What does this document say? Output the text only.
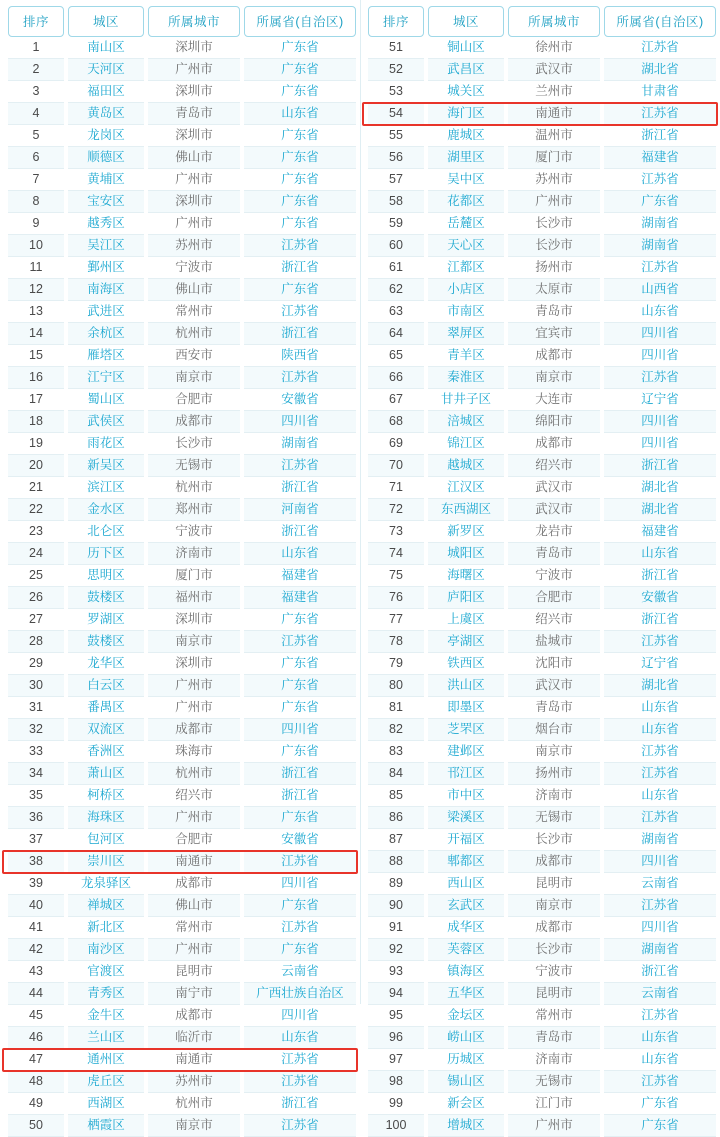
排序		城区		所属城市		所属省(自治区)
1		南山区		深圳市		广东省
2		天河区		广州市		广东省
3		福田区		深圳市		广东省
4		黄岛区		青岛市		山东省
5		龙岗区		深圳市		广东省
6		顺德区		佛山市		广东省
7		黄埔区		广州市		广东省
8		宝安区		深圳市		广东省
9		越秀区		广州市		广东省
10		吴江区		苏州市		江苏省
11		鄞州区		宁波市		浙江省
12		南海区		佛山市		广东省
13		武进区		常州市		江苏省
14		余杭区		杭州市		浙江省
15		雁塔区		西安市		陕西省
16		江宁区		南京市		江苏省
17		蜀山区		合肥市		安徽省
18		武侯区		成都市		四川省
19		雨花区		长沙市		湖南省
20		新吴区		无锡市		江苏省
21		滨江区		杭州市		浙江省
22		金水区		郑州市		河南省
23		北仑区		宁波市		浙江省
24		历下区		济南市		山东省
25		思明区		厦门市		福建省
26		鼓楼区		福州市		福建省
27		罗湖区		深圳市		广东省
28		鼓楼区		南京市		江苏省
29		龙华区		深圳市		广东省
30		白云区		广州市		广东省
31		番禺区		广州市		广东省
32		双流区		成都市		四川省
33		香洲区		珠海市		广东省
34		萧山区		杭州市		浙江省
35		柯桥区		绍兴市		浙江省
36		海珠区		广州市		广东省
37		包河区		合肥市		安徽省
38		崇川区		南通市		江苏省
39		龙泉驿区		成都市		四川省
40		禅城区		佛山市		广东省
41		新北区		常州市		江苏省
42		南沙区		广州市		广东省
43		官渡区		昆明市		云南省
44		青秀区		南宁市		广西壮族自治区
45		金牛区		成都市		四川省
46		兰山区		临沂市		山东省
47		通州区		南通市		江苏省
48		虎丘区		苏州市		江苏省
49		西湖区		杭州市		浙江省
50		栖霞区		南京市		江苏省
排序		城区		所属城市		所属省(自治区)
51		铜山区		徐州市		江苏省
52		武昌区		武汉市		湖北省
53		城关区		兰州市		甘肃省
54		海门区		南通市		江苏省
55		鹿城区		温州市		浙江省
56		湖里区		厦门市		福建省
57		吴中区		苏州市		江苏省
58		花都区		广州市		广东省
59		岳麓区		长沙市		湖南省
60		天心区		长沙市		湖南省
61		江都区		扬州市		江苏省
62		小店区		太原市		山西省
63		市南区		青岛市		山东省
64		翠屏区		宜宾市		四川省
65		青羊区		成都市		四川省
66		秦淮区		南京市		江苏省
67		甘井子区		大连市		辽宁省
68		涪城区		绵阳市		四川省
69		锦江区		成都市		四川省
70		越城区		绍兴市		浙江省
71		江汉区		武汉市		湖北省
72		东西湖区		武汉市		湖北省
73		新罗区		龙岩市		福建省
74		城阳区		青岛市		山东省
75		海曙区		宁波市		浙江省
76		庐阳区		合肥市		安徽省
77		上虞区		绍兴市		浙江省
78		亭湖区		盐城市		江苏省
79		铁西区		沈阳市		辽宁省
80		洪山区		武汉市		湖北省
81		即墨区		青岛市		山东省
82		芝罘区		烟台市		山东省
83		建邺区		南京市		江苏省
84		邗江区		扬州市		江苏省
85		市中区		济南市		山东省
86		梁溪区		无锡市		江苏省
87		开福区		长沙市		湖南省
88		郫都区		成都市		四川省
89		西山区		昆明市		云南省
90		玄武区		南京市		江苏省
91		成华区		成都市		四川省
92		芙蓉区		长沙市		湖南省
93		镇海区		宁波市		浙江省
94		五华区		昆明市		云南省
95		金坛区		常州市		江苏省
96		崂山区		青岛市		山东省
97		历城区		济南市		山东省
98		锡山区		无锡市		江苏省
99		新会区		江门市		广东省
100		增城区		广州市		广东省
